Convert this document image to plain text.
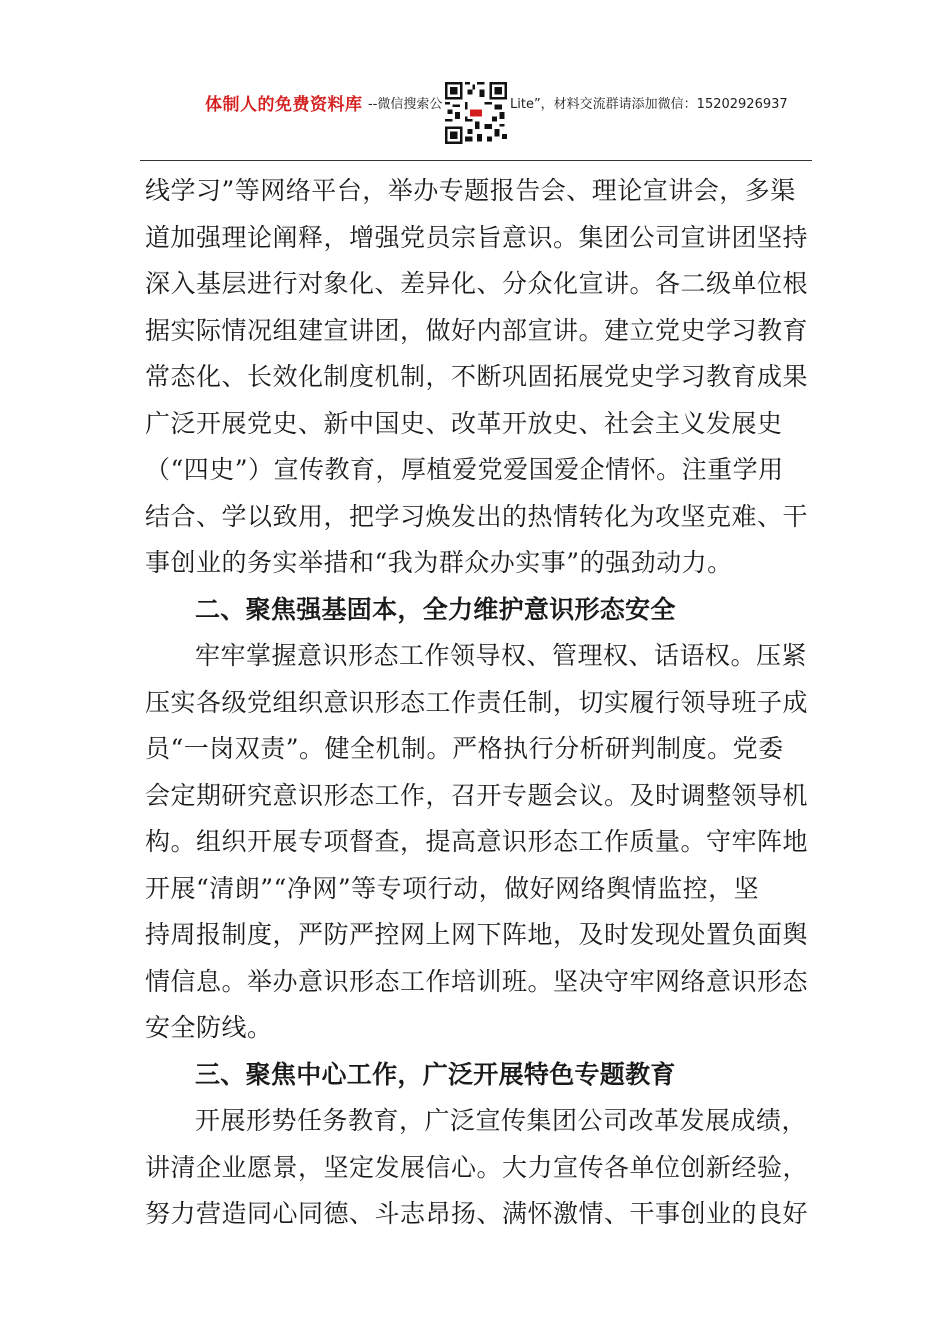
体制人的免费资料库 --微信搜索公	Lite”，材料交流群请添加微信：15202926937
线学习”等网络平台，举办专题报告会、理论宣讲会，多渠
道加强理论阐释，增强党员宗旨意识。集团公司宣讲团坚持
深入基层进行对象化、差异化、分众化宣讲。各二级单位根
据实际情况组建宣讲团，做好内部宣讲。建立党史学习教育
常态化、长效化制度机制，不断巩固拓展党史学习教育成果
广泛开展党史、新中国史、改革开放史、社会主义发展史
（“四史”）宣传教育，厚植爱党爱国爱企情怀。注重学用
结合、学以致用，把学习焕发出的热情转化为攻坚克难、干
事创业的务实举措和“我为群众办实事”的强劲动力。
二、聚焦强基固本，全力维护意识形态安全
牢牢掌握意识形态工作领导权、管理权、话语权。压紧
压实各级党组织意识形态工作责任制，切实履行领导班子成
员“一岗双责”。健全机制。严格执行分析研判制度。党委
会定期研究意识形态工作，召开专题会议。及时调整领导机
构。组织开展专项督查，提高意识形态工作质量。守牢阵地
开展“清朗”“净网”等专项行动，做好网络舆情监控，坚
持周报制度，严防严控网上网下阵地，及时发现处置负面舆
情信息。举办意识形态工作培训班。坚决守牢网络意识形态
安全防线。
三、聚焦中心工作，广泛开展特色专题教育
开展形势任务教育，广泛宣传集团公司改革发展成绩，
讲清企业愿景，坚定发展信心。大力宣传各单位创新经验，
努力营造同心同德、斗志昂扬、满怀激情、干事创业的良好
